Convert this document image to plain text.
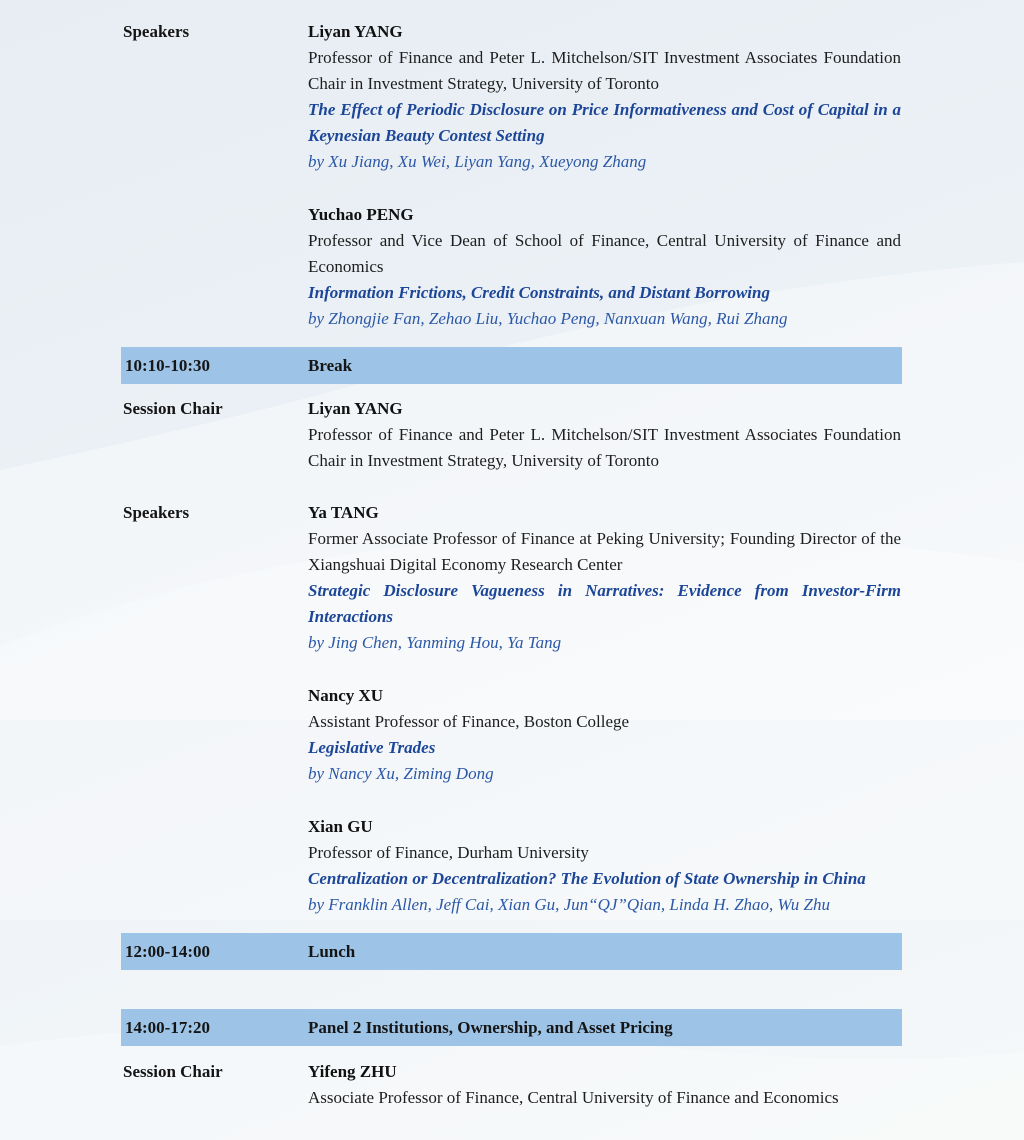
Speakers	Liyan YANG
Professor of Finance and Peter L. Mitchelson/SIT Investment Associates Foundation Chair in Investment Strategy, University of Toronto
The Effect of Periodic Disclosure on Price Informativeness and Cost of Capital in a Keynesian Beauty Contest Setting
by Xu Jiang, Xu Wei, Liyan Yang, Xueyong Zhang
Yuchao PENG
Professor and Vice Dean of School of Finance, Central University of Finance and Economics
Information Frictions, Credit Constraints, and Distant Borrowing
by Zhongjie Fan, Zehao Liu, Yuchao Peng, Nanxuan Wang, Rui Zhang
10:10-10:30	Break
Session Chair	Liyan YANG
Professor of Finance and Peter L. Mitchelson/SIT Investment Associates Foundation Chair in Investment Strategy, University of Toronto
Speakers	Ya TANG
Former Associate Professor of Finance at Peking University; Founding Director of the Xiangshuai Digital Economy Research Center
Strategic Disclosure Vagueness in Narratives: Evidence from Investor-Firm Interactions
by Jing Chen, Yanming Hou, Ya Tang
Nancy XU
Assistant Professor of Finance, Boston College
Legislative Trades
by Nancy Xu, Ziming Dong
Xian GU
Professor of Finance, Durham University
Centralization or Decentralization? The Evolution of State Ownership in China
by Franklin Allen, Jeff Cai, Xian Gu, Jun“QJ”Qian, Linda H. Zhao, Wu Zhu
12:00-14:00	Lunch
14:00-17:20	Panel 2 Institutions, Ownership, and Asset Pricing
Session Chair	Yifeng ZHU
Associate Professor of Finance, Central University of Finance and Economics
